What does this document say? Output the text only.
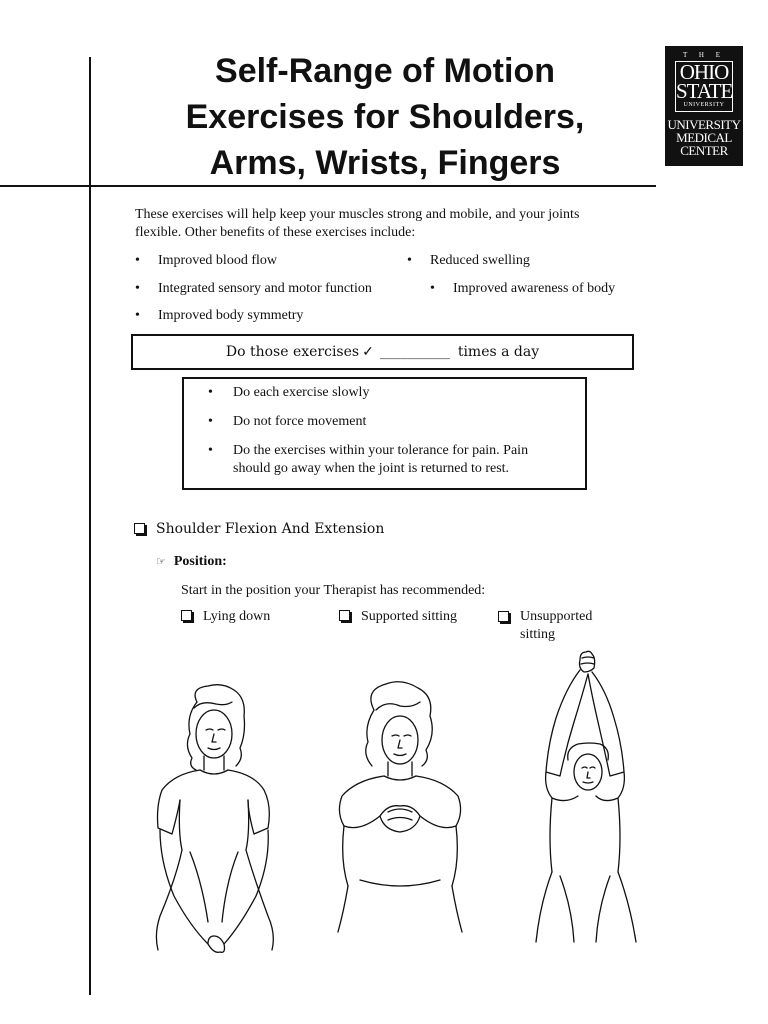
Self-Range of Motion
Exercises for Shoulders,
Arms, Wrists, Fingers
T H E
OHIO
STATE
UNIVERSITY
UNIVERSITY
MEDICAL
CENTER
These exercises will help keep your muscles strong and mobile, and your joints flexible. Other benefits of these exercises include:
• Improved blood flow	• Reduced swelling
• Integrated sensory and motor function	• Improved awareness of body
• Improved body symmetry
Do those exercises ✓ __________ times a day
• Do each exercise slowly
• Do not force movement
• Do the exercises within your tolerance for pain. Pain should go away when the joint is returned to rest.
Shoulder Flexion And Extension
☞ Position:
Start in the position your Therapist has recommended:
Lying down	Supported sitting	Unsupported sitting
